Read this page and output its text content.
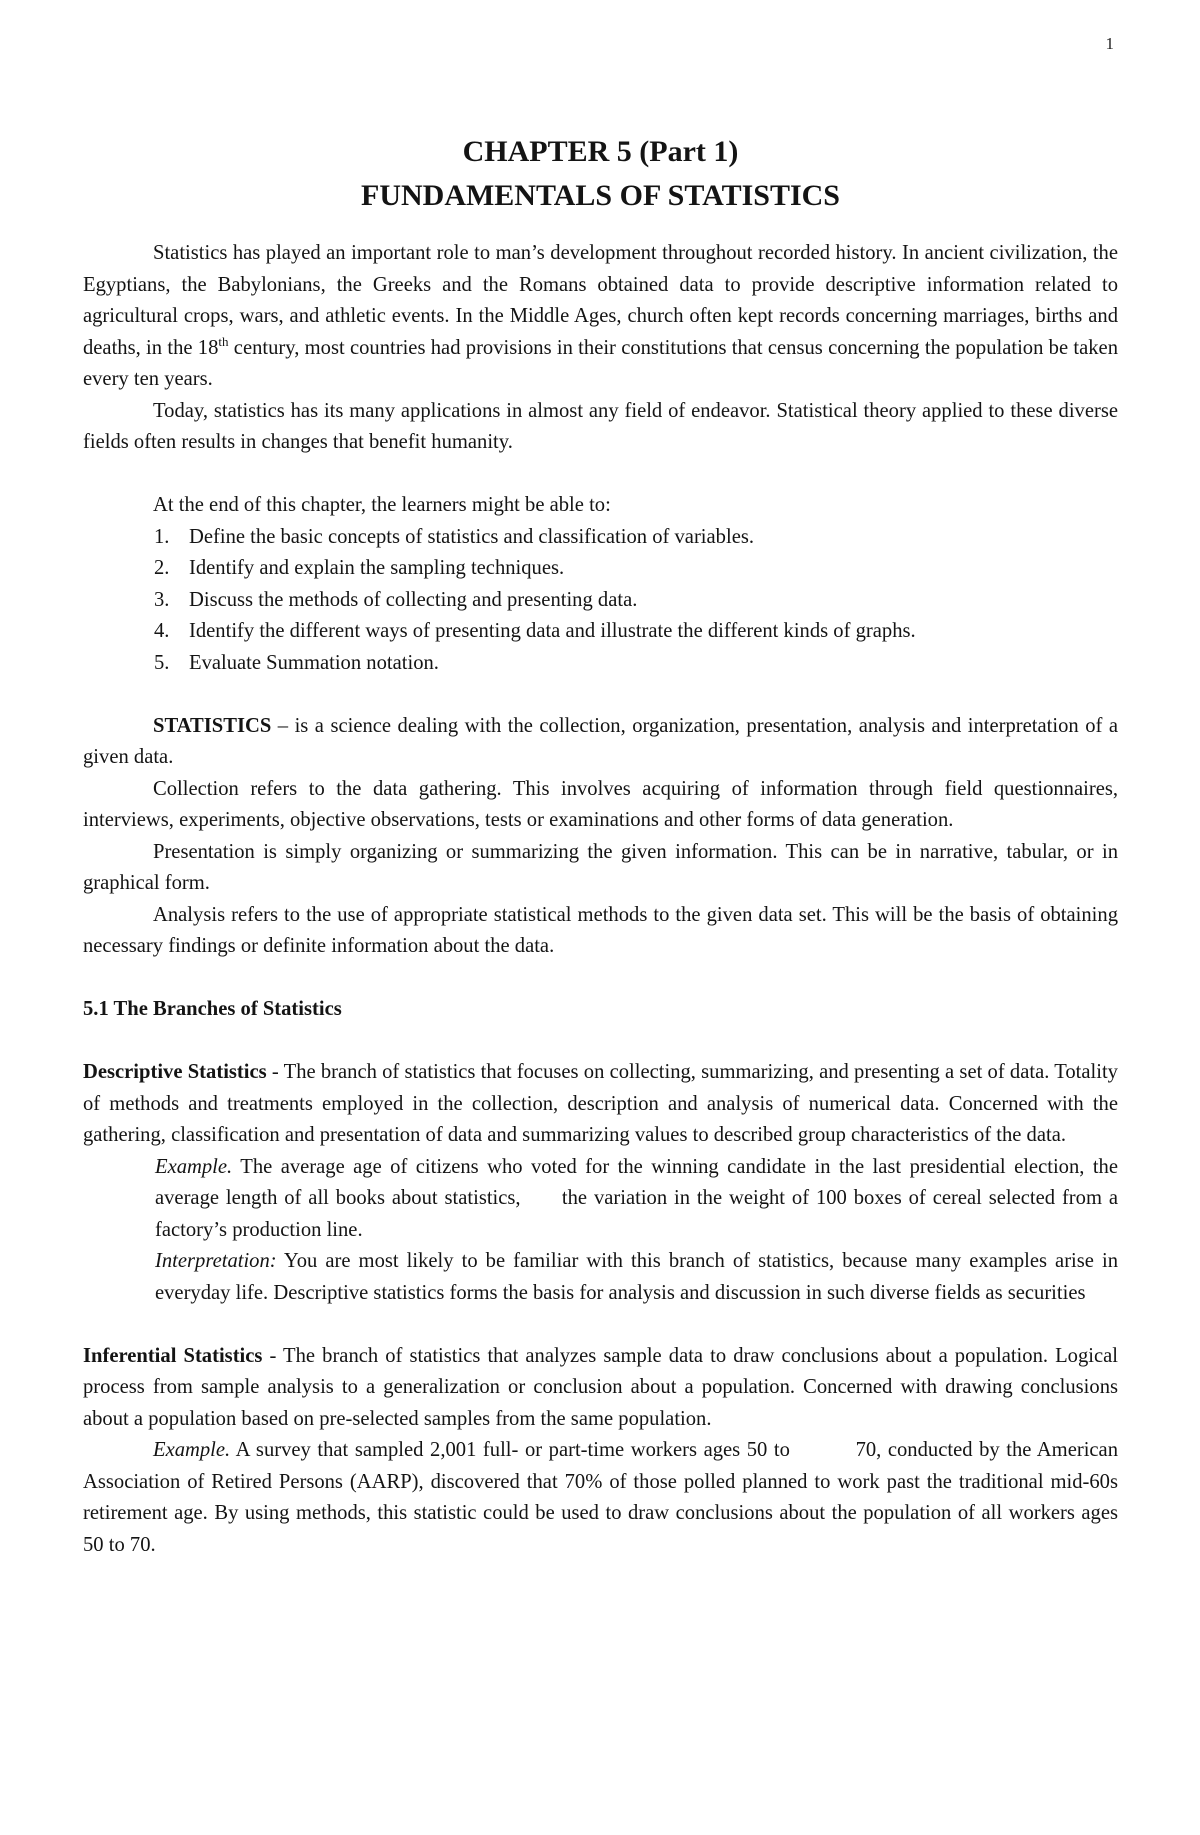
1
CHAPTER 5 (Part 1)
FUNDAMENTALS OF STATISTICS

Statistics has played an important role to man’s development throughout recorded history. In ancient civilization, the Egyptians, the Babylonians, the Greeks and the Romans obtained data to provide descriptive information related to agricultural crops, wars, and athletic events. In the Middle Ages, church often kept records concerning marriages, births and deaths, in the 18th century, most countries had provisions in their constitutions that census concerning the population be taken every ten years.

Today, statistics has its many applications in almost any field of endeavor. Statistical theory applied to these diverse fields often results in changes that benefit humanity.

At the end of this chapter, the learners might be able to:

1. Define the basic concepts of statistics and classification of variables.
2. Identify and explain the sampling techniques.
3. Discuss the methods of collecting and presenting data.
4. Identify the different ways of presenting data and illustrate the different kinds of graphs.
5. Evaluate Summation notation.

STATISTICS – is a science dealing with the collection, organization, presentation, analysis and interpretation of a given data.

Collection refers to the data gathering. This involves acquiring of information through field questionnaires, interviews, experiments, objective observations, tests or examinations and other forms of data generation.

Presentation is simply organizing or summarizing the given information. This can be in narrative, tabular, or in graphical form.

Analysis refers to the use of appropriate statistical methods to the given data set. This will be the basis of obtaining necessary findings or definite information about the data.

5.1 The Branches of Statistics

Descriptive Statistics - The branch of statistics that focuses on collecting, summarizing, and presenting a set of data. Totality of methods and treatments employed in the collection, description and analysis of numerical data. Concerned with the gathering, classification and presentation of data and summarizing values to described group characteristics of the data.

Example. The average age of citizens who voted for the winning candidate in the last presidential election, the average length of all books about statistics,      the variation in the weight of 100 boxes of cereal selected from a factory’s production line.

Interpretation: You are most likely to be familiar with this branch of statistics, because many examples arise in everyday life. Descriptive statistics forms the basis for analysis and discussion in such diverse fields as securities

Inferential Statistics - The branch of statistics that analyzes sample data to draw conclusions about a population. Logical process from sample analysis to a generalization or conclusion about a population. Concerned with drawing conclusions about a population based on pre-selected samples from the same population.

Example. A survey that sampled 2,001 full- or part-time workers ages 50 to          70, conducted by the American Association of Retired Persons (AARP), discovered that 70% of those polled planned to work past the traditional mid-60s retirement age. By using methods, this statistic could be used to draw conclusions about the population of all workers ages 50 to 70.
